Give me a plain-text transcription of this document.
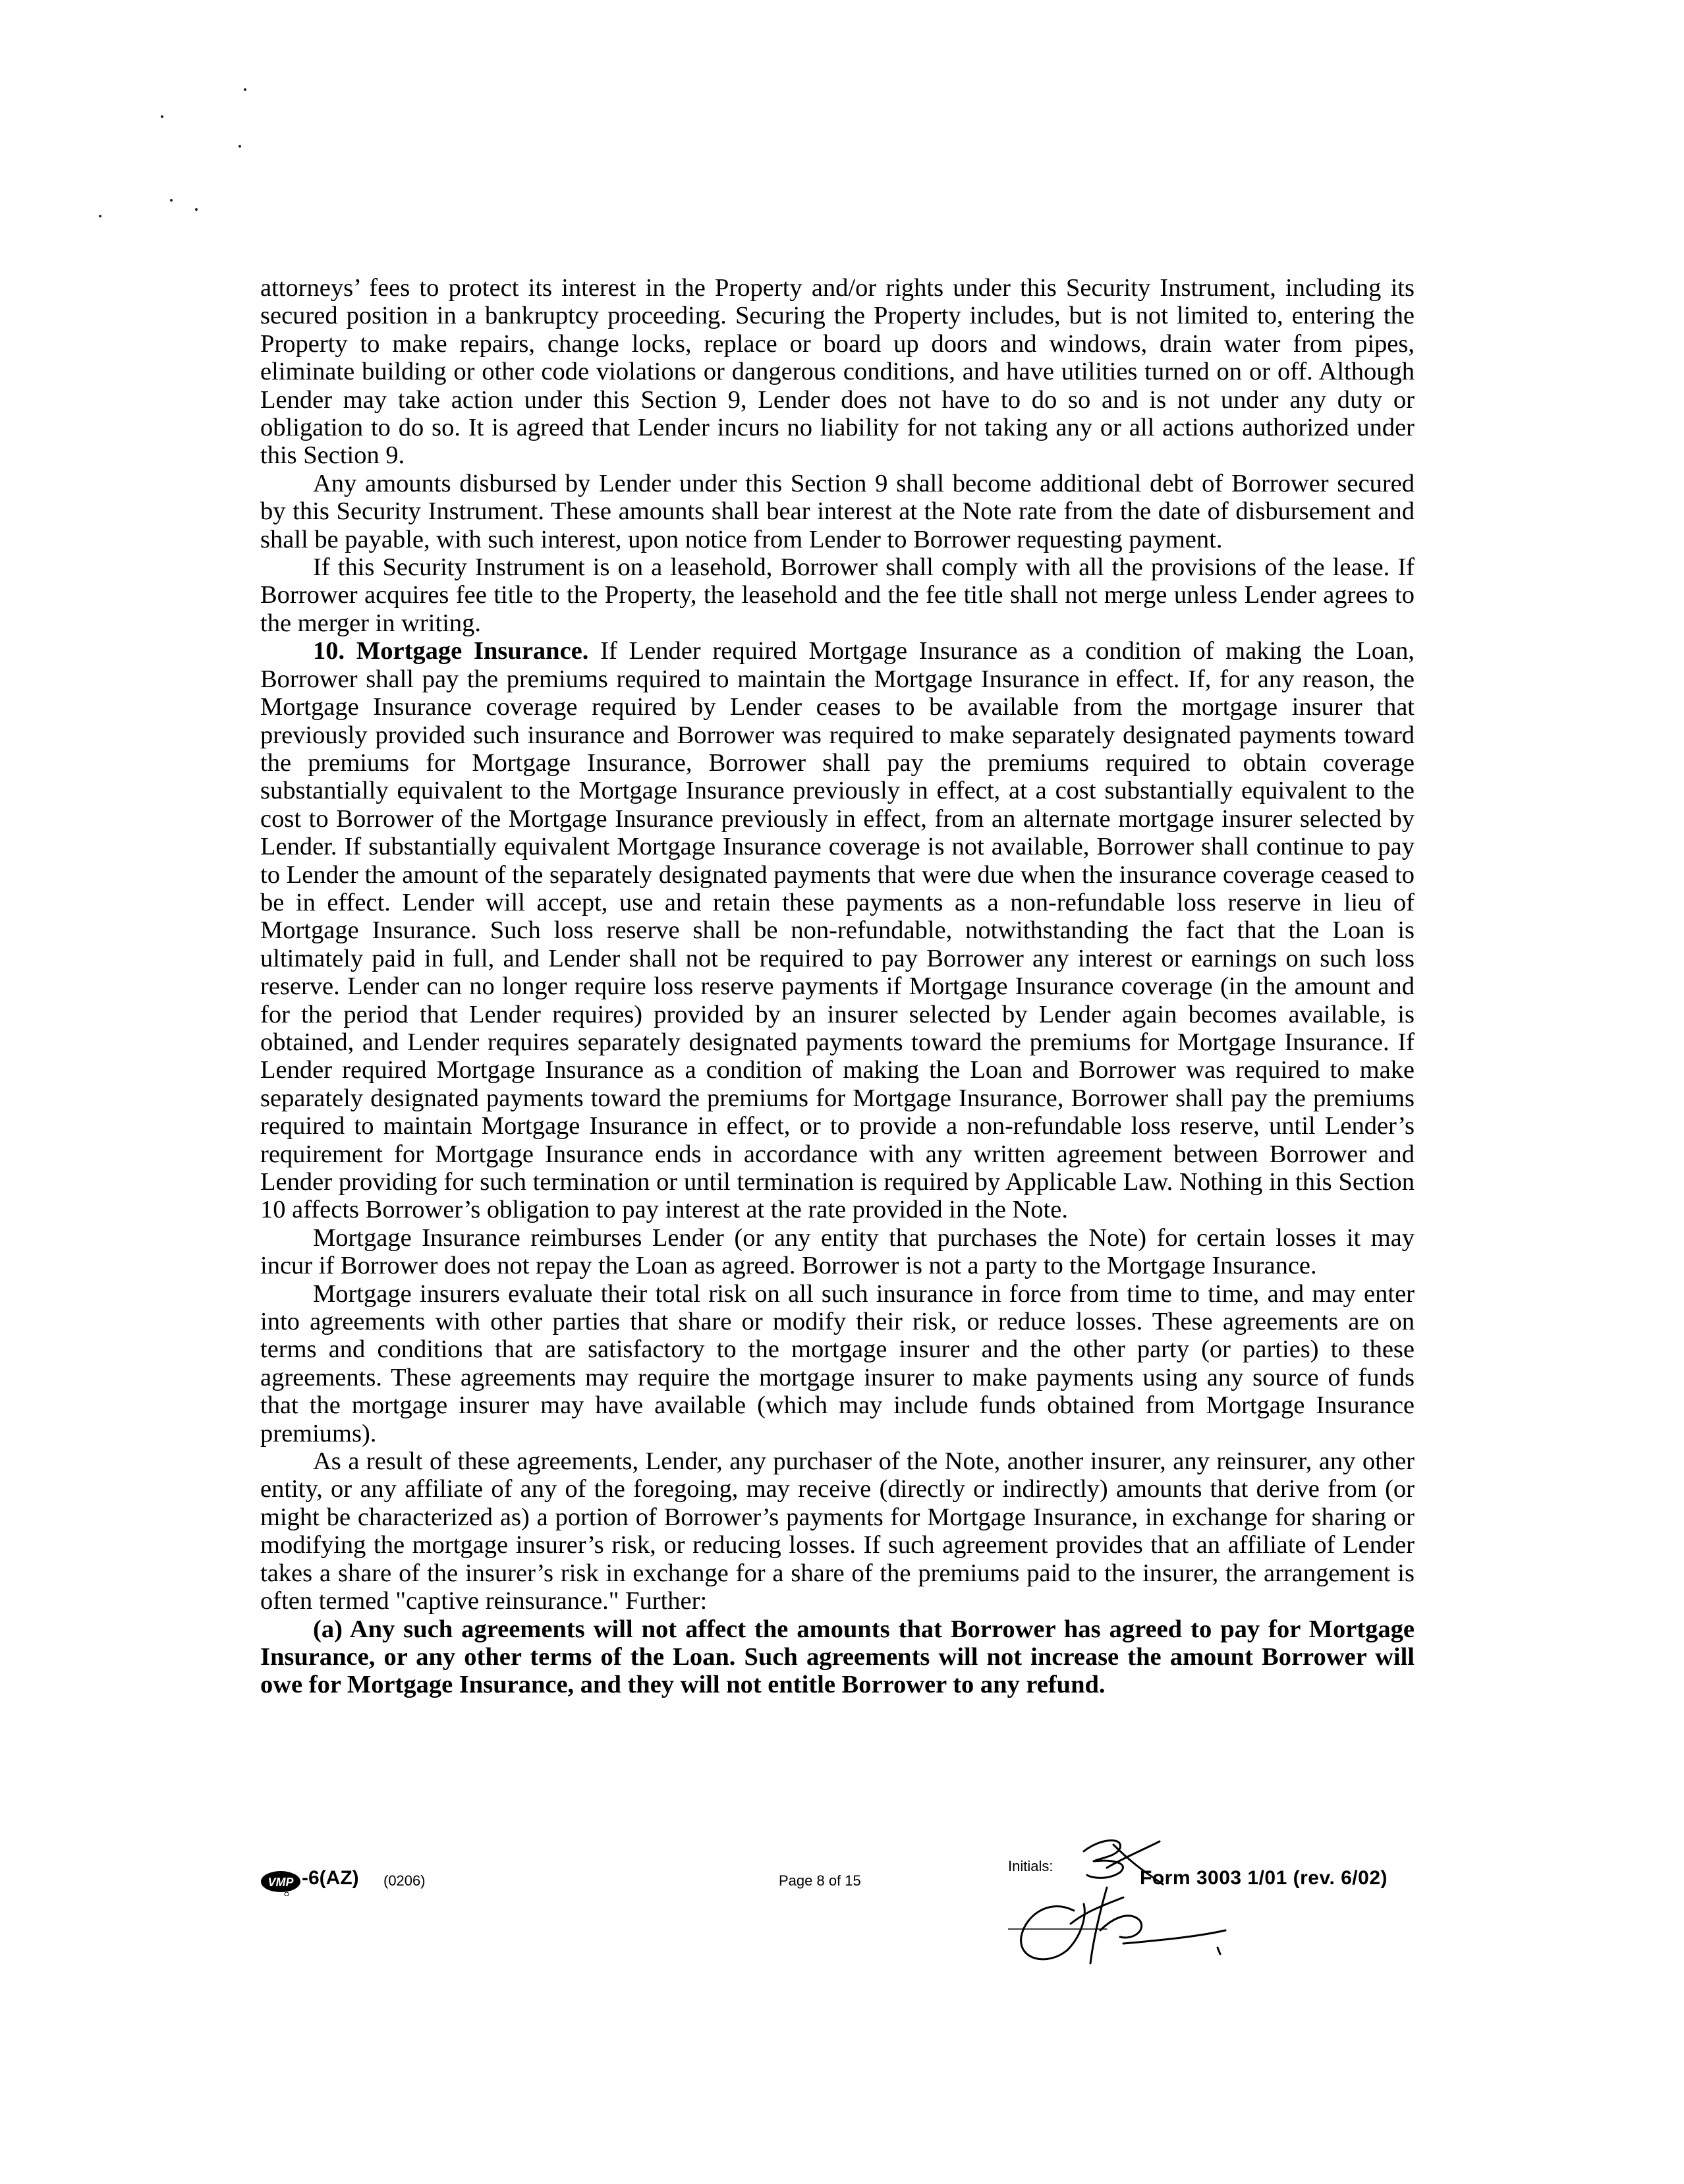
attorneys’ fees to protect its interest in the Property and/or rights under this Security Instrument, including its secured position in a bankruptcy proceeding. Securing the Property includes, but is not limited to, entering the Property to make repairs, change locks, replace or board up doors and windows, drain water from pipes, eliminate building or other code violations or dangerous conditions, and have utilities turned on or off. Although Lender may take action under this Section 9, Lender does not have to do so and is not under any duty or obligation to do so. It is agreed that Lender incurs no liability for not taking any or all actions authorized under this Section 9.

Any amounts disbursed by Lender under this Section 9 shall become additional debt of Borrower secured by this Security Instrument. These amounts shall bear interest at the Note rate from the date of disbursement and shall be payable, with such interest, upon notice from Lender to Borrower requesting payment.

If this Security Instrument is on a leasehold, Borrower shall comply with all the provisions of the lease. If Borrower acquires fee title to the Property, the leasehold and the fee title shall not merge unless Lender agrees to the merger in writing.

10. Mortgage Insurance. If Lender required Mortgage Insurance as a condition of making the Loan, Borrower shall pay the premiums required to maintain the Mortgage Insurance in effect. If, for any reason, the Mortgage Insurance coverage required by Lender ceases to be available from the mortgage insurer that previously provided such insurance and Borrower was required to make separately designated payments toward the premiums for Mortgage Insurance, Borrower shall pay the premiums required to obtain coverage substantially equivalent to the Mortgage Insurance previously in effect, at a cost substantially equivalent to the cost to Borrower of the Mortgage Insurance previously in effect, from an alternate mortgage insurer selected by Lender. If substantially equivalent Mortgage Insurance coverage is not available, Borrower shall continue to pay to Lender the amount of the separately designated payments that were due when the insurance coverage ceased to be in effect. Lender will accept, use and retain these payments as a non-refundable loss reserve in lieu of Mortgage Insurance. Such loss reserve shall be non-refundable, notwithstanding the fact that the Loan is ultimately paid in full, and Lender shall not be required to pay Borrower any interest or earnings on such loss reserve. Lender can no longer require loss reserve payments if Mortgage Insurance coverage (in the amount and for the period that Lender requires) provided by an insurer selected by Lender again becomes available, is obtained, and Lender requires separately designated payments toward the premiums for Mortgage Insurance. If Lender required Mortgage Insurance as a condition of making the Loan and Borrower was required to make separately designated payments toward the premiums for Mortgage Insurance, Borrower shall pay the premiums required to maintain Mortgage Insurance in effect, or to provide a non-refundable loss reserve, until Lender’s requirement for Mortgage Insurance ends in accordance with any written agreement between Borrower and Lender providing for such termination or until termination is required by Applicable Law. Nothing in this Section 10 affects Borrower’s obligation to pay interest at the rate provided in the Note.

Mortgage Insurance reimburses Lender (or any entity that purchases the Note) for certain losses it may incur if Borrower does not repay the Loan as agreed. Borrower is not a party to the Mortgage Insurance.

Mortgage insurers evaluate their total risk on all such insurance in force from time to time, and may enter into agreements with other parties that share or modify their risk, or reduce losses. These agreements are on terms and conditions that are satisfactory to the mortgage insurer and the other party (or parties) to these agreements. These agreements may require the mortgage insurer to make payments using any source of funds that the mortgage insurer may have available (which may include funds obtained from Mortgage Insurance premiums).

As a result of these agreements, Lender, any purchaser of the Note, another insurer, any reinsurer, any other entity, or any affiliate of any of the foregoing, may receive (directly or indirectly) amounts that derive from (or might be characterized as) a portion of Borrower’s payments for Mortgage Insurance, in exchange for sharing or modifying the mortgage insurer’s risk, or reducing losses. If such agreement provides that an affiliate of Lender takes a share of the insurer’s risk in exchange for a share of the premiums paid to the insurer, the arrangement is often termed "captive reinsurance." Further:

(a) Any such agreements will not affect the amounts that Borrower has agreed to pay for Mortgage Insurance, or any other terms of the Loan. Such agreements will not increase the amount Borrower will owe for Mortgage Insurance, and they will not entitle Borrower to any refund.

VMP -6(AZ) (0206)	Page 8 of 15
Initials:
Form 3003 1/01 (rev. 6/02)
